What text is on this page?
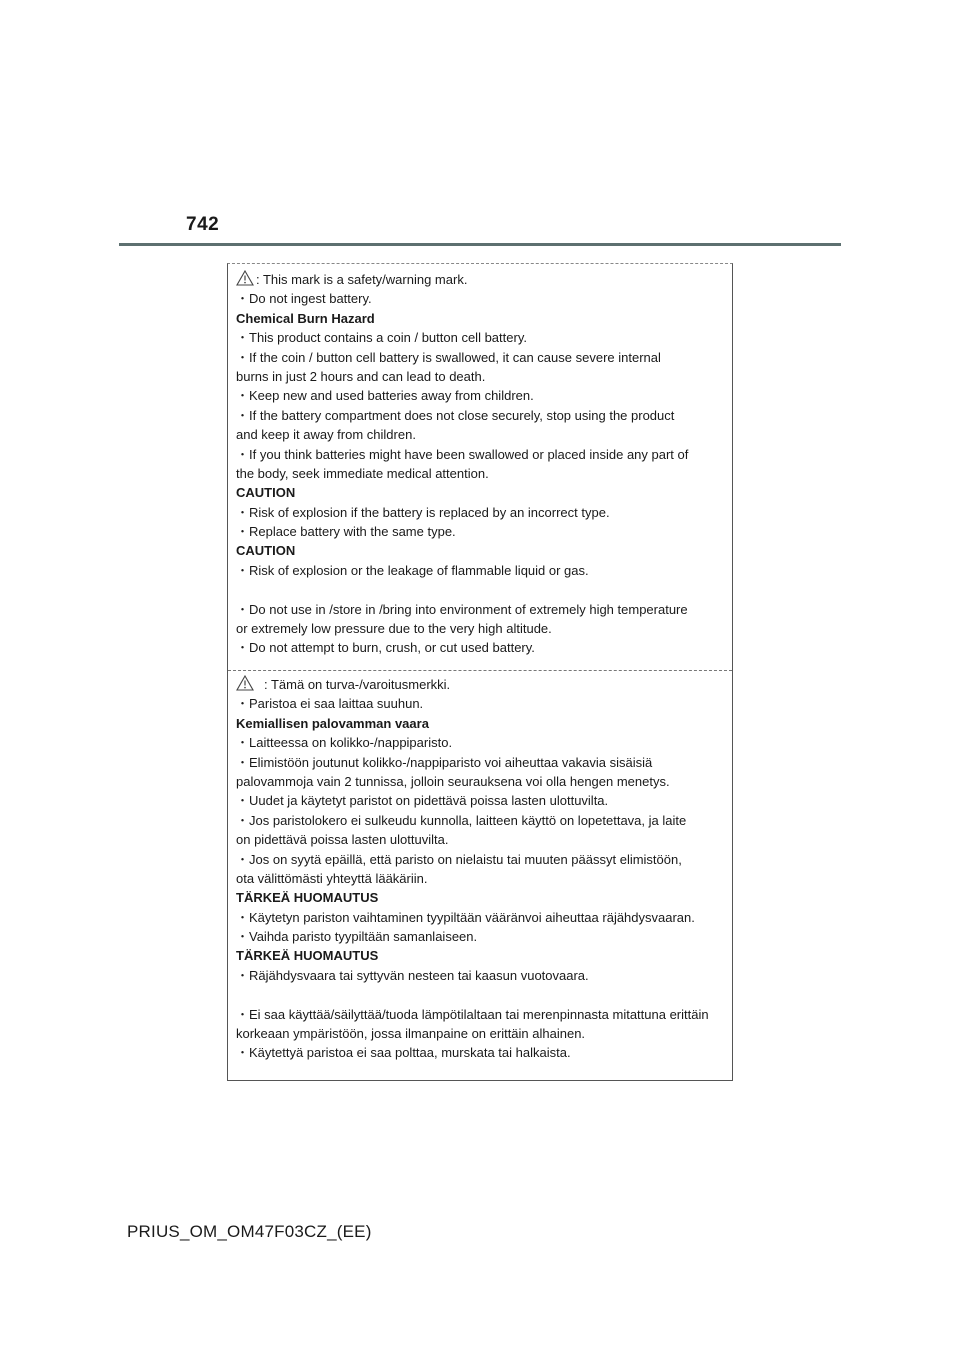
742
: This mark is a safety/warning mark.
・Do not ingest battery.
Chemical Burn Hazard
・This product contains a coin / button cell battery.
・If the coin / button cell battery is swallowed, it can cause severe internal
burns in just 2 hours and can lead to death.
・Keep new and used batteries away from children.
・If the battery compartment does not close securely, stop using the product
and keep it away from children.
・If you think batteries might have been swallowed or placed inside any part of
the body, seek immediate medical attention.
CAUTION
・Risk of explosion if the battery is replaced by an incorrect type.
・Replace battery with the same type.
CAUTION
・Risk of explosion or the leakage of flammable liquid or gas.
・Do not use in /store in /bring into environment of extremely high temperature
or extremely low pressure due to the very high altitude.
・Do not attempt to burn, crush, or cut used battery.
: Tämä on turva-/varoitusmerkki.
・Paristoa ei saa laittaa suuhun.
Kemiallisen palovamman vaara
・Laitteessa on kolikko-/nappiparisto.
・Elimistöön joutunut kolikko-/nappiparisto voi aiheuttaa vakavia sisäisiä
palovammoja vain 2 tunnissa, jolloin seurauksena voi olla hengen menetys.
・Uudet ja käytetyt paristot on pidettävä poissa lasten ulottuvilta.
・Jos paristolokero ei sulkeudu kunnolla, laitteen käyttö on lopetettava, ja laite
on pidettävä poissa lasten ulottuvilta.
・Jos on syytä epäillä, että paristo on nielaistu tai muuten päässyt elimistöön,
ota välittömästi yhteyttä lääkäriin.
TÄRKEÄ HUOMAUTUS
・Käytetyn pariston vaihtaminen tyypiltään vääränvoi aiheuttaa räjähdysvaaran.
・Vaihda paristo tyypiltään samanlaiseen.
TÄRKEÄ HUOMAUTUS
・Räjähdysvaara tai syttyvän nesteen tai kaasun vuotovaara.
・Ei saa käyttää/säilyttää/tuoda lämpötilaltaan tai merenpinnasta mitattuna erittäin
korkeaan ympäristöön, jossa ilmanpaine on erittäin alhainen.
・Käytettyä paristoa ei saa polttaa, murskata tai halkaista.
PRIUS_OM_OM47F03CZ_(EE)
